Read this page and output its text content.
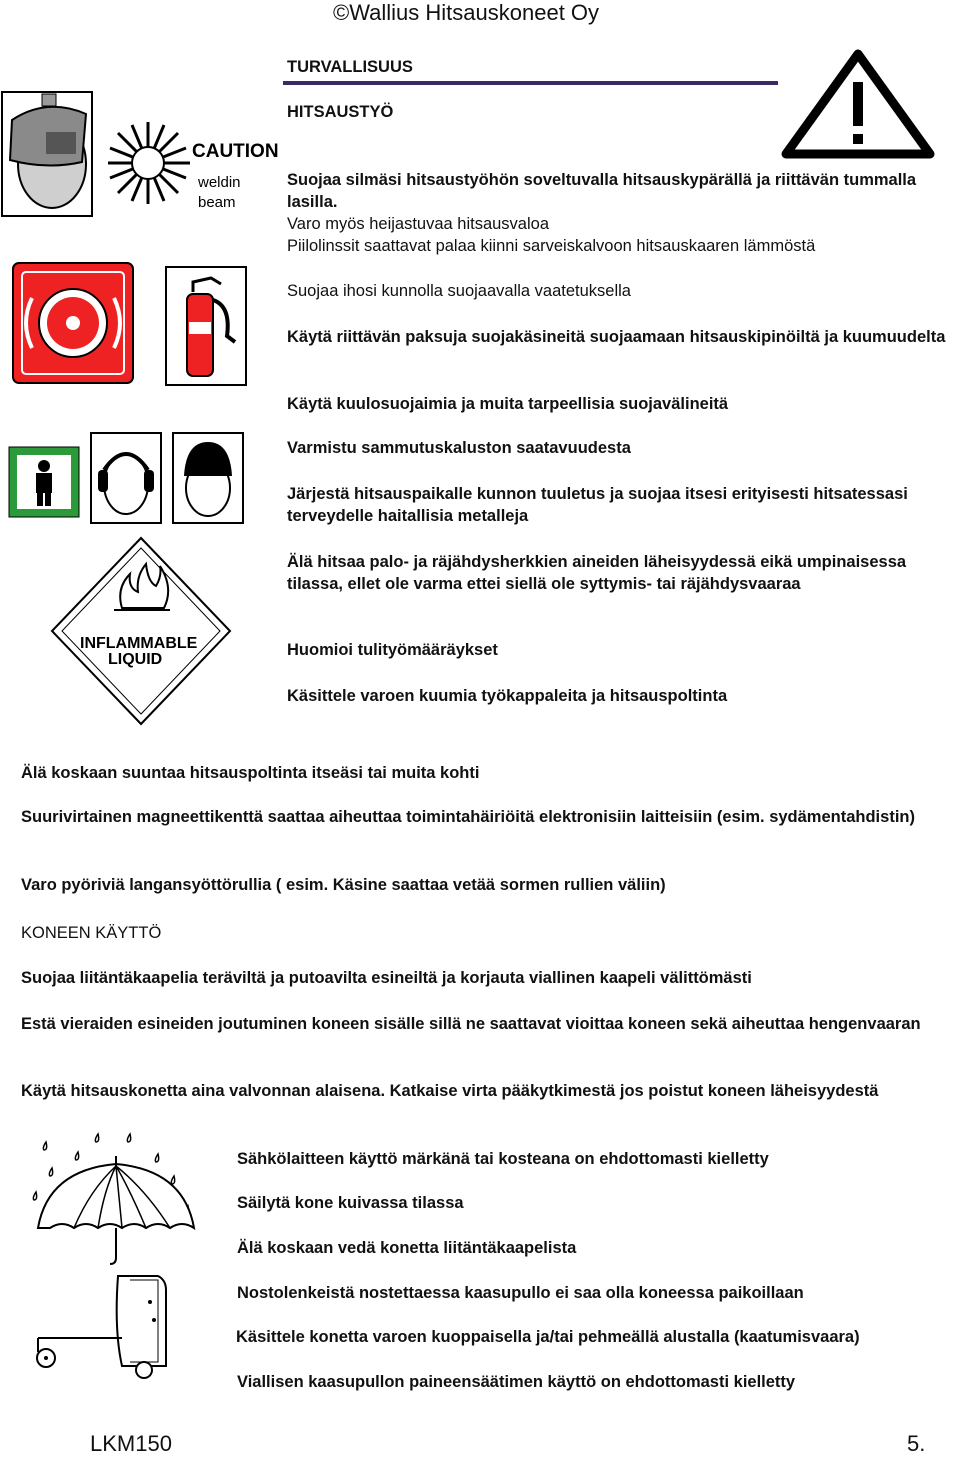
©Wallius Hitsauskoneet Oy
TURVALLISUUS
HITSAUSTYÖ
CAUTION
weldin
beam
INFLAMMABLE
LIQUID
Suojaa silmäsi hitsaustyöhön soveltuvalla hitsauskypärällä ja riittävän tummalla lasilla.
Varo myös heijastuvaa hitsausvaloa
Piilolinssit saattavat palaa kiinni sarveiskalvoon hitsauskaaren lämmöstä
Suojaa ihosi kunnolla suojaavalla vaatetuksella
Käytä riittävän paksuja suojakäsineitä suojaamaan hitsauskipinöiltä ja kuumuudelta
Käytä kuulosuojaimia ja muita tarpeellisia suojavälineitä
Varmistu sammutuskaluston saatavuudesta
Järjestä hitsauspaikalle kunnon tuuletus ja suojaa itsesi erityisesti hitsatessasi terveydelle haitallisia metalleja
Älä hitsaa palo- ja räjähdysherkkien aineiden läheisyydessä eikä umpinaisessa tilassa, ellet ole varma ettei siellä ole syttymis- tai räjähdysvaaraa
Huomioi tulityömääräykset
Käsittele varoen kuumia työkappaleita ja hitsauspoltinta
Älä koskaan suuntaa hitsauspoltinta itseäsi tai muita kohti
Suurivirtainen magneettikenttä saattaa aiheuttaa toimintahäiriöitä elektronisiin laitteisiin (esim. sydämentahdistin)
Varo pyöriviä langansyöttörullia ( esim. Käsine saattaa vetää sormen rullien väliin)
KONEEN KÄYTTÖ
Suojaa liitäntäkaapelia teräviltä ja putoavilta esineiltä ja korjauta viallinen kaapeli välittömästi
Estä vieraiden esineiden joutuminen koneen sisälle sillä ne saattavat vioittaa koneen sekä aiheuttaa hengenvaaran
Käytä hitsauskonetta aina valvonnan alaisena. Katkaise virta pääkytkimestä jos poistut koneen läheisyydestä
Sähkölaitteen käyttö märkänä tai kosteana on ehdottomasti kielletty
Säilytä kone kuivassa tilassa
Älä koskaan vedä konetta liitäntäkaapelista
Nostolenkeistä nostettaessa kaasupullo ei saa olla koneessa paikoillaan
Käsittele konetta varoen kuoppaisella ja/tai pehmeällä alustalla (kaatumisvaara)
Viallisen kaasupullon paineensäätimen käyttö on ehdottomasti kielletty
LKM150	5.
